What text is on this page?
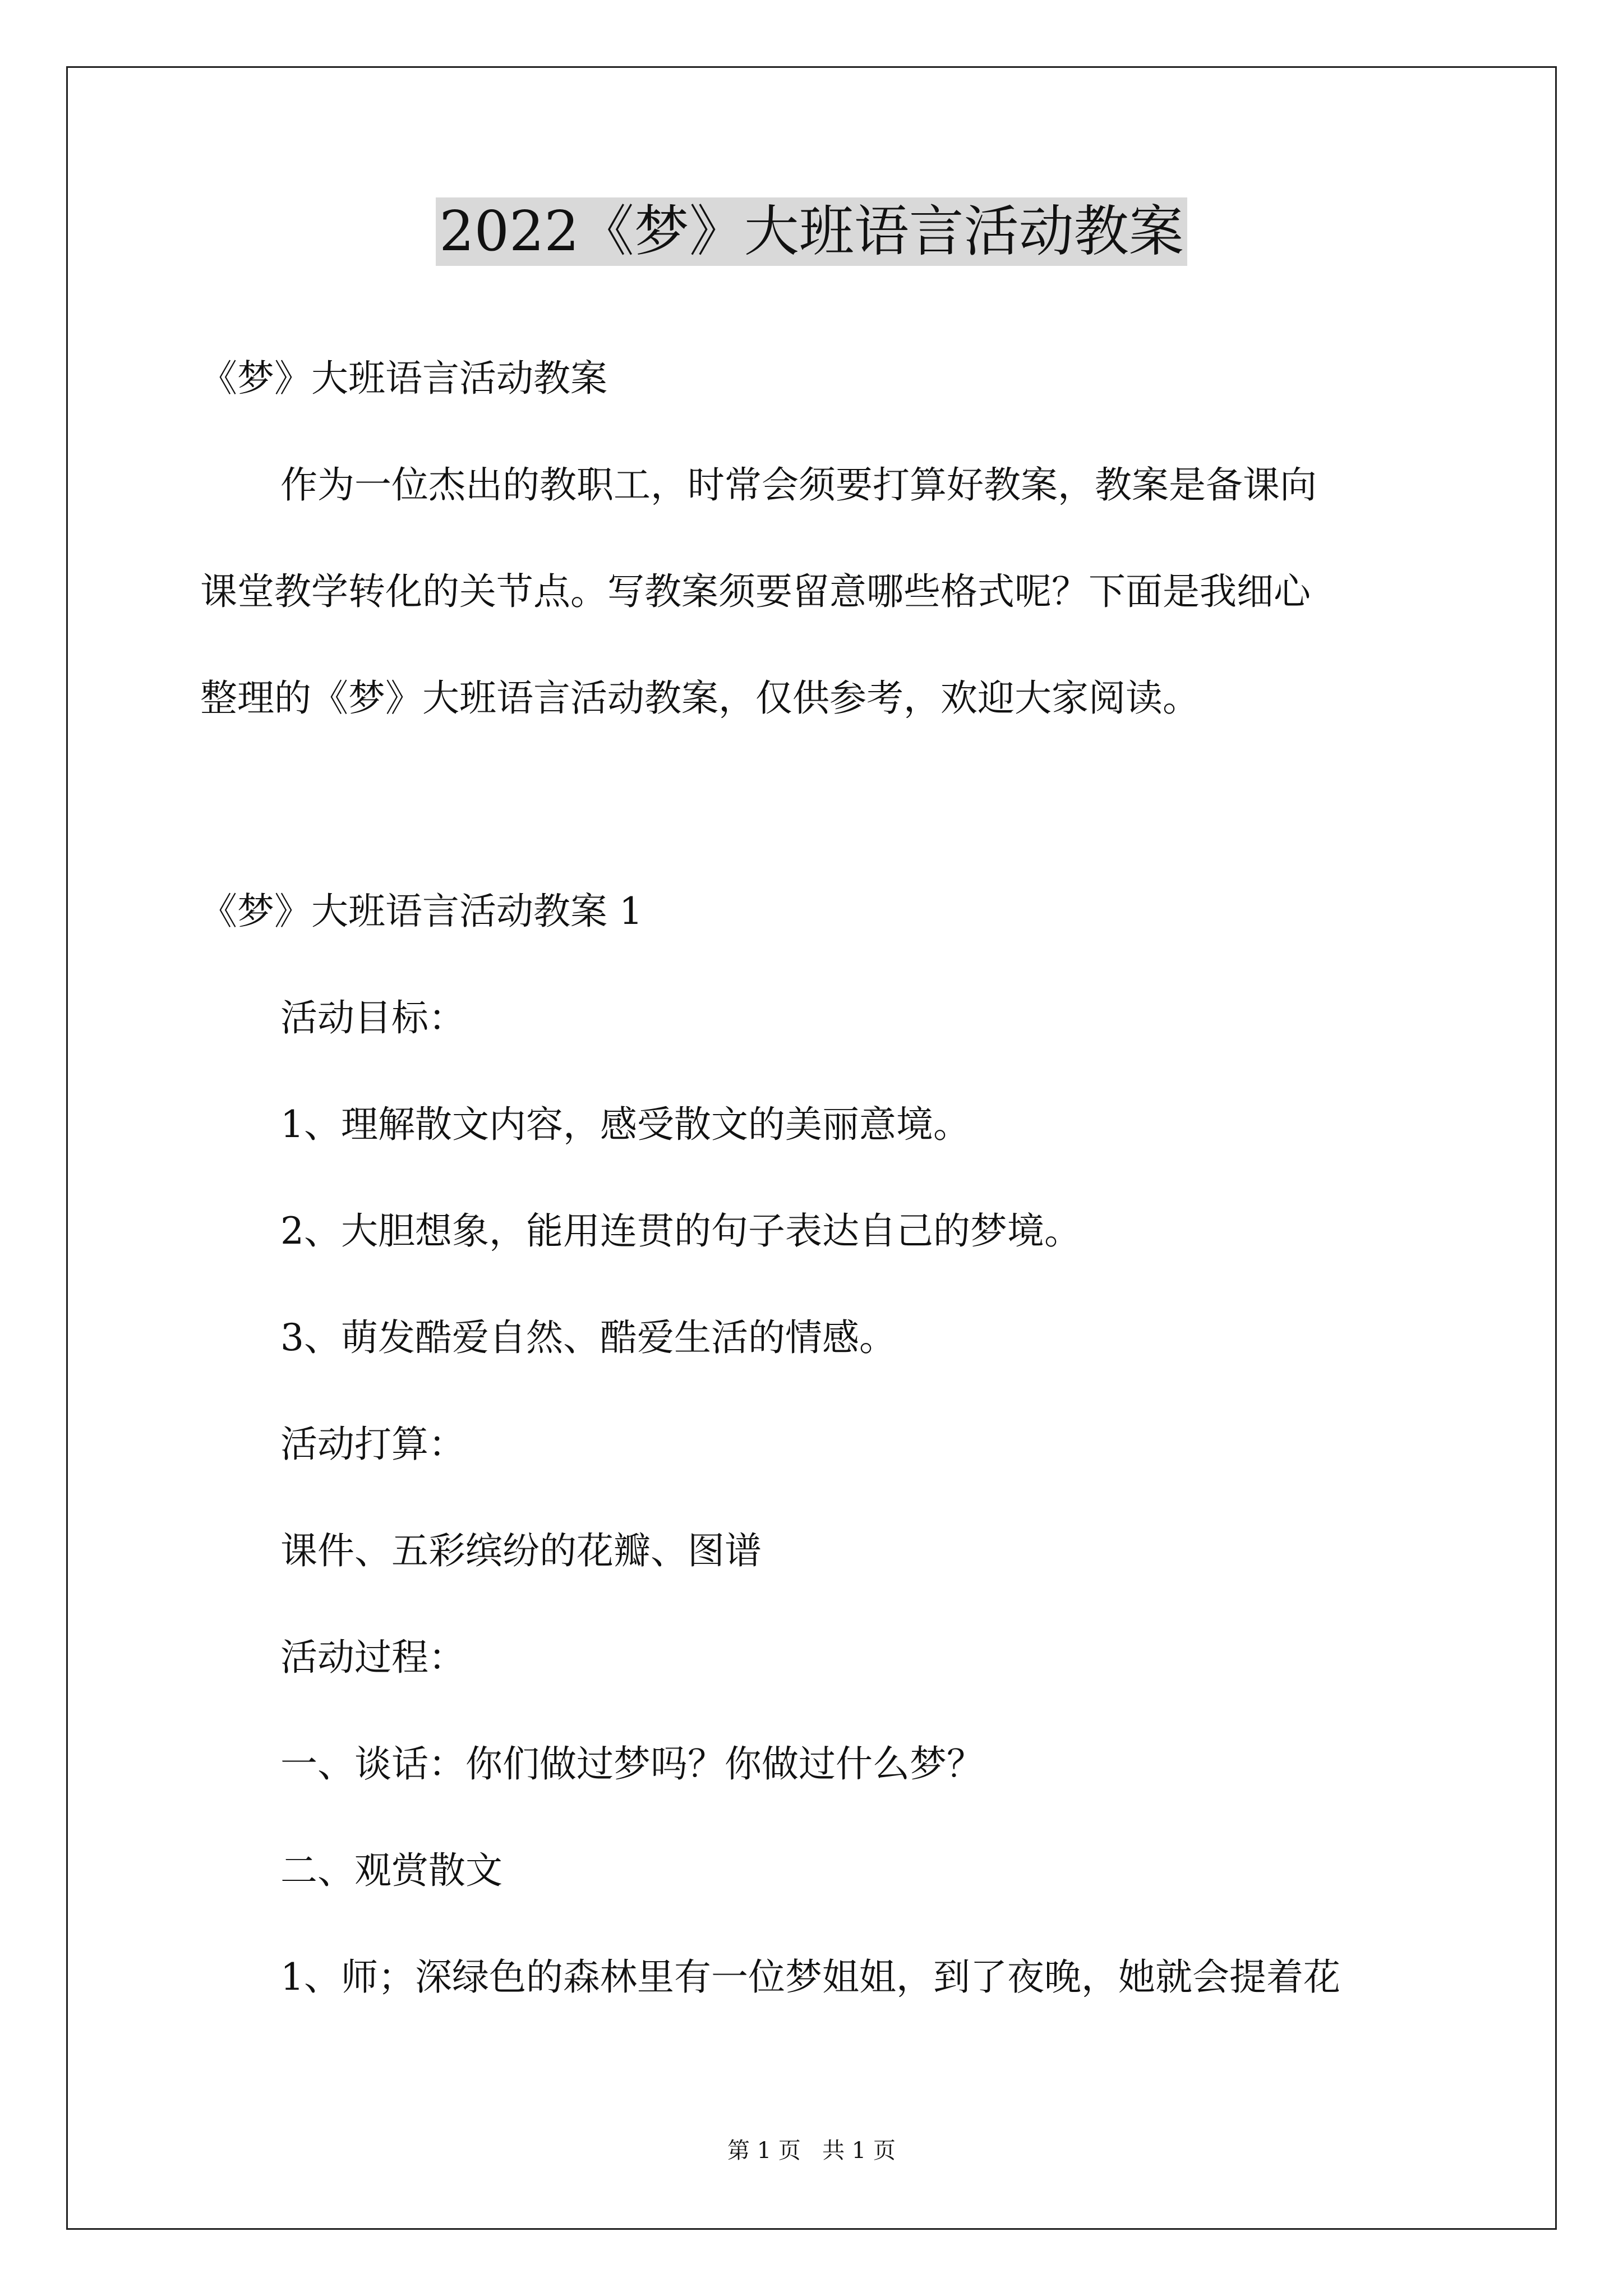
2022《梦》大班语言活动教案

《梦》大班语言活动教案

作为一位杰出的教职工，时常会须要打算好教案，教案是备课向

课堂教学转化的关节点。写教案须要留意哪些格式呢？下面是我细心

整理的《梦》大班语言活动教案，仅供参考，欢迎大家阅读。

《梦》大班语言活动教案 1

活动目标：

1、理解散文内容，感受散文的美丽意境。

2、大胆想象，能用连贯的句子表达自己的梦境。

3、萌发酷爱自然、酷爱生活的情感。

活动打算：

课件、五彩缤纷的花瓣、图谱

活动过程：

一、谈话：你们做过梦吗？你做过什么梦？

二、观赏散文

1、师；深绿色的森林里有一位梦姐姐，到了夜晚，她就会提着花

第 1 页   共 1 页
